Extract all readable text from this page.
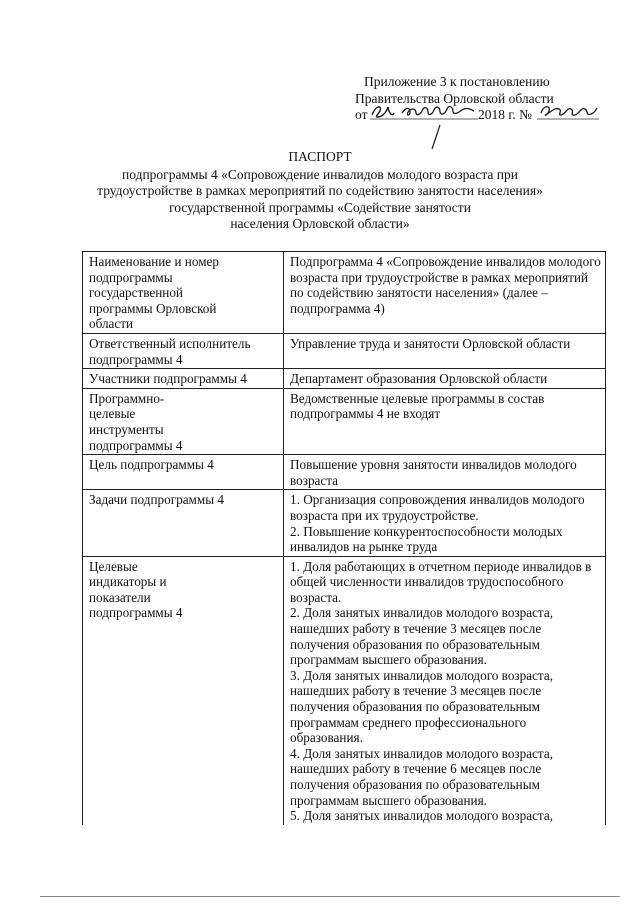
Приложение 3 к постановлению
Правительства Орловской области
от	2018 г. №
ПАСПОРТ
подпрограммы 4 «Сопровождение инвалидов молодого возраста при
трудоустройстве в рамках мероприятий по содействию занятости населения»
государственной программы «Содействие занятости
населения Орловской области»
Наименование и номер подпрограммы государственной программы Орловской области	Подпрограмма 4 «Сопровождение инвалидов молодого возраста при трудоустройстве в рамках мероприятий по содействию занятости населения» (далее – подпрограмма 4)

Ответственный исполнитель подпрограммы 4	Управление труда и занятости Орловской области

Участники подпрограммы 4	Департамент образования Орловской области

Программно-целевые инструменты подпрограммы 4	Ведомственные целевые программы в состав подпрограммы 4 не входят

Цель подпрограммы 4	Повышение уровня занятости инвалидов молодого возраста

Задачи подпрограммы 4	1. Организация сопровождения инвалидов молодого возраста при их трудоустройстве.
2. Повышение конкурентоспособности молодых инвалидов на рынке труда

Целевые индикаторы и показатели подпрограммы 4	1. Доля работающих в отчетном периоде инвалидов в общей численности инвалидов трудоспособного возраста.
2. Доля занятых инвалидов молодого возраста, нашедших работу в течение 3 месяцев после получения образования по образовательным программам высшего образования.
3. Доля занятых инвалидов молодого возраста, нашедших работу в течение 3 месяцев после получения образования по образовательным программам среднего профессионального образования.
4. Доля занятых инвалидов молодого возраста, нашедших работу в течение 6 месяцев после получения образования по образовательным программам высшего образования.
5. Доля занятых инвалидов молодого возраста,
